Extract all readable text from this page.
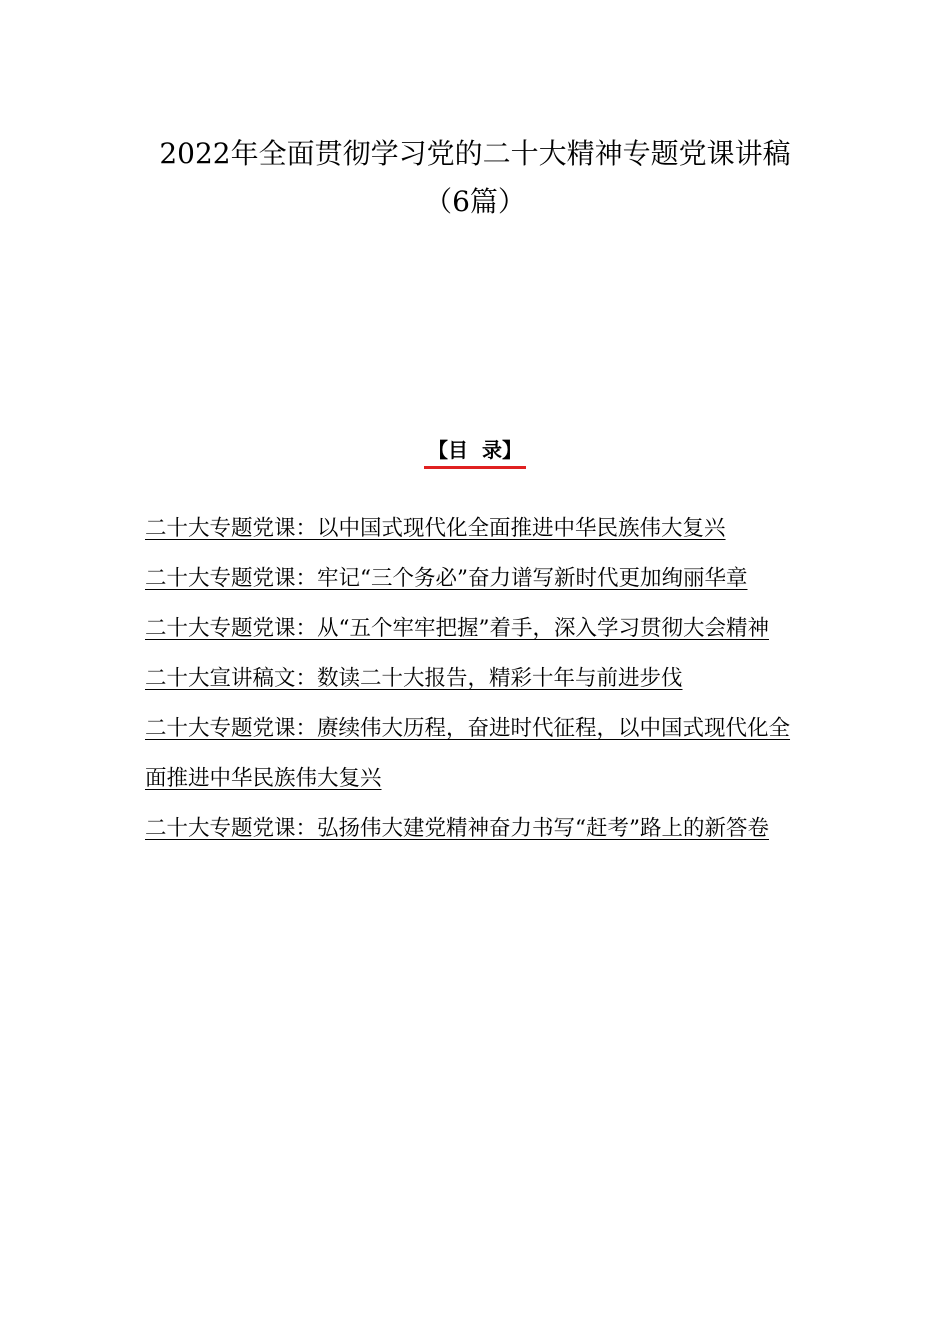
2022年全面贯彻学习党的二十大精神专题党课讲稿
（6篇）
【目  录】
二十大专题党课：以中国式现代化全面推进中华民族伟大复兴
二十大专题党课：牢记“三个务必”奋力谱写新时代更加绚丽华章
二十大专题党课：从“五个牢牢把握”着手，深入学习贯彻大会精神
二十大宣讲稿文：数读二十大报告，精彩十年与前进步伐
二十大专题党课：赓续伟大历程，奋进时代征程，以中国式现代化全面推进中华民族伟大复兴
二十大专题党课：弘扬伟大建党精神奋力书写“赶考”路上的新答卷
